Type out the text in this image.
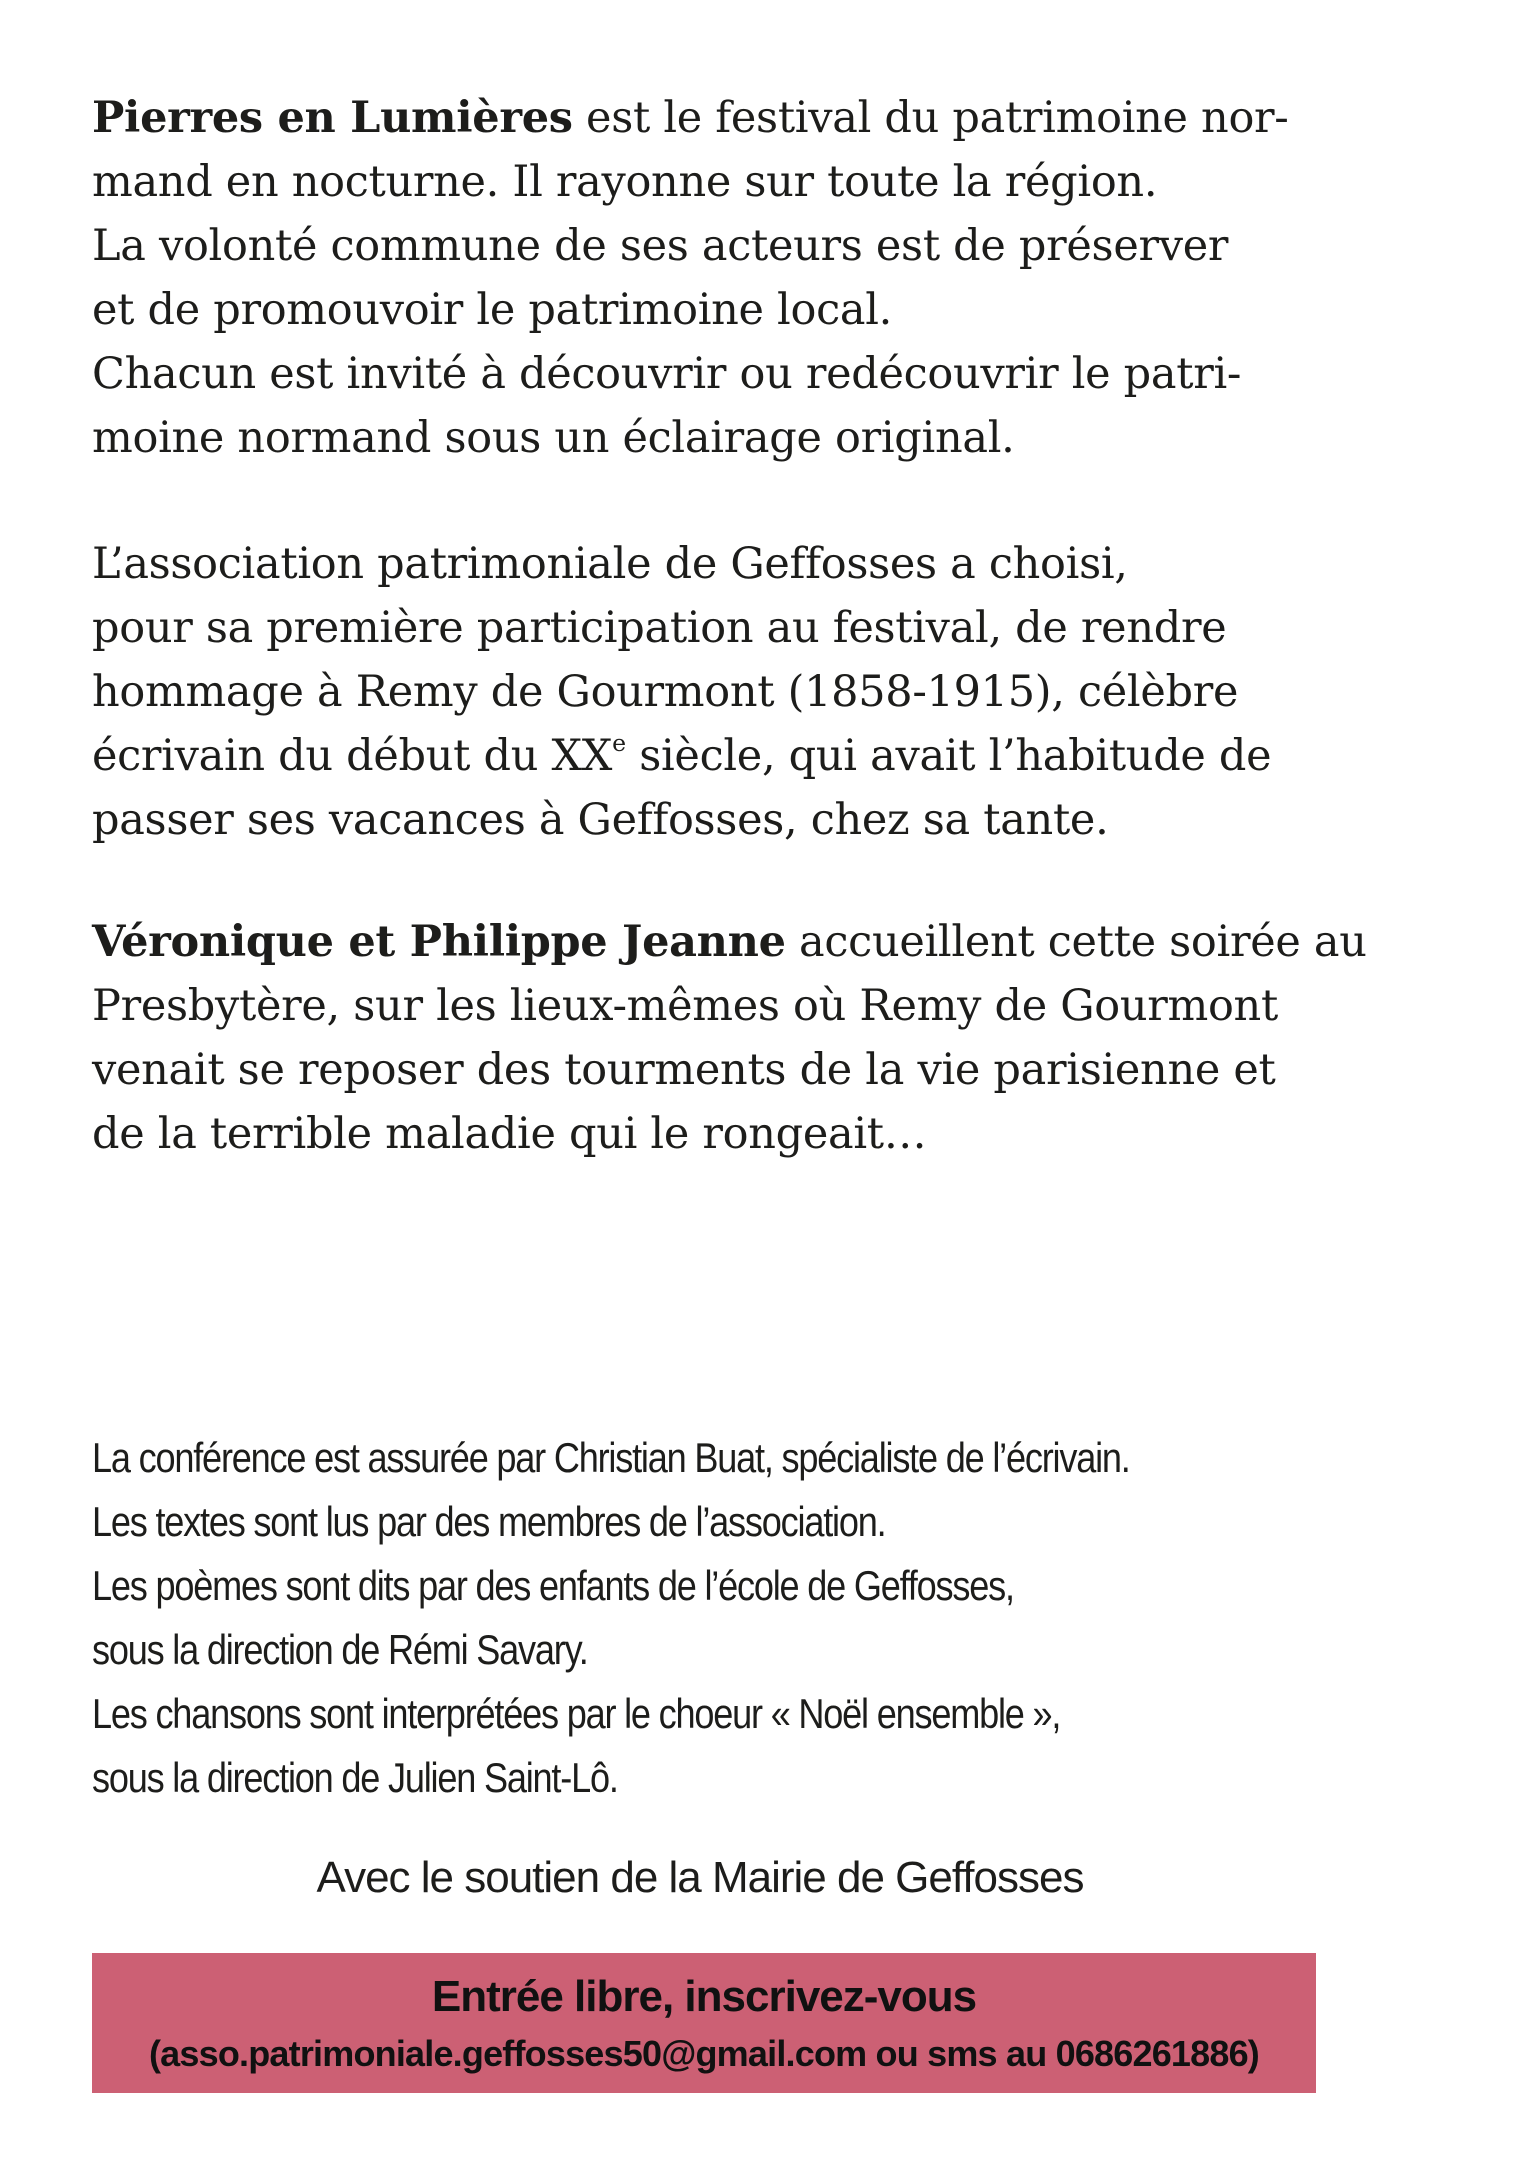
Pierres en Lumières est le festival du patrimoine nor-
mand en nocturne. Il rayonne sur toute la région.
La volonté commune de ses acteurs est de préserver
et de promouvoir le patrimoine local.
Chacun est invité à découvrir ou redécouvrir le patri-
moine normand sous un éclairage original.
L’association patrimoniale de Geffosses a choisi,
pour sa première participation au festival, de rendre
hommage à Remy de Gourmont (1858-1915), célèbre
écrivain du début du XXe siècle, qui avait l’habitude de
passer ses vacances à Geffosses, chez sa tante.
Véronique et Philippe Jeanne accueillent cette soirée au
Presbytère, sur les lieux-mêmes où Remy de Gourmont
venait se reposer des tourments de la vie parisienne et
de la terrible maladie qui le rongeait…
La conférence est assurée par Christian Buat, spécialiste de l’écrivain.
Les textes sont lus par des membres de l’association.
Les poèmes sont dits par des enfants de l’école de Geffosses,
sous la direction de Rémi Savary.
Les chansons sont interprétées par le choeur « Noël ensemble »,
sous la direction de Julien Saint-Lô.
Avec le soutien de la Mairie de Geffosses
Entrée libre, inscrivez-vous
(asso.patrimoniale.geffosses50@gmail.com ou sms au 0686261886)
